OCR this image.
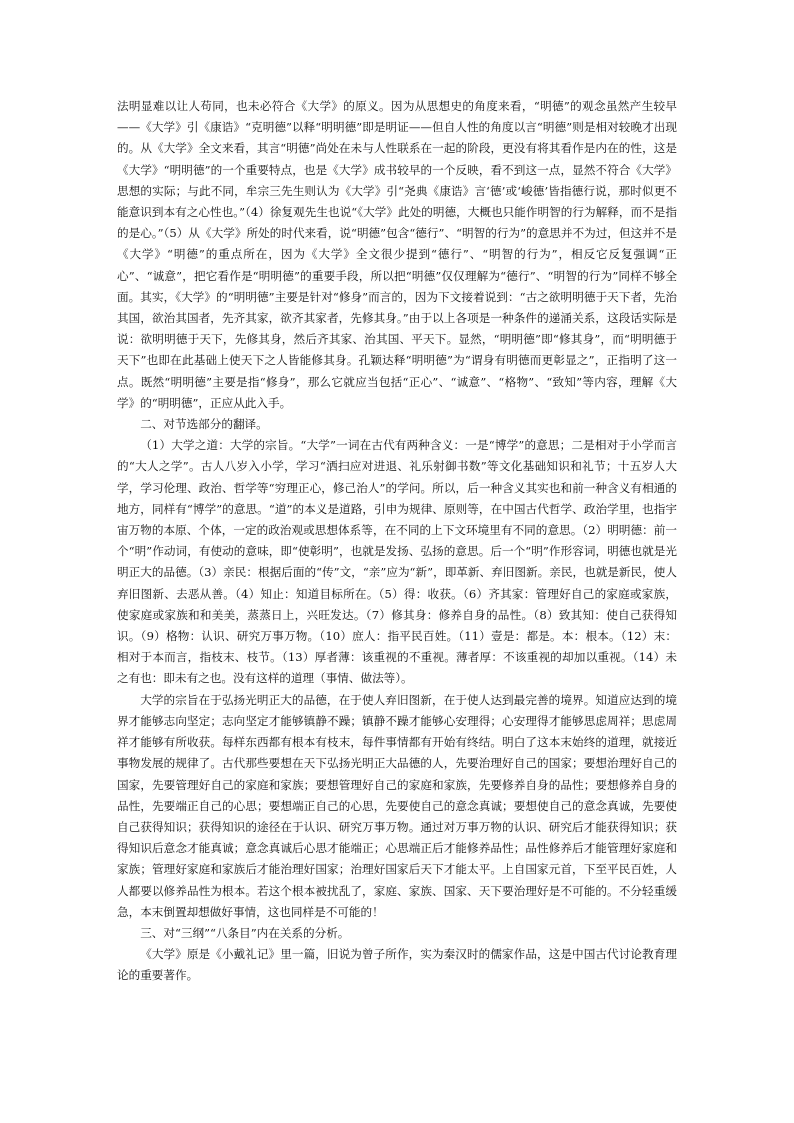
法明显难以让人苟同，也未必符合《大学》的原义。因为从思想史的角度来看，“明德”的观念虽然产生较早——《大学》引《康诰》“克明德”以释“明明德”即是明证——但自人性的角度以言“明德”则是相对较晚才出现的。从《大学》全文来看，其言“明德”尚处在未与人性联系在一起的阶段，更没有将其看作是内在的性，这是《大学》“明明德”的一个重要特点，也是《大学》成书较早的一个反映，看不到这一点，显然不符合《大学》思想的实际；与此不同，牟宗三先生则认为《大学》引“尧典《康诰》言‘德’或‘峻德’皆指德行说，那时似更不能意识到本有之心性也。”（4）徐复观先生也说“《大学》此处的明德，大概也只能作明智的行为解释，而不是指的是心。”（5）从《大学》所处的时代来看，说“明德”包含“德行”、“明智的行为”的意思并不为过，但这并不是《大学》“明德”的重点所在，因为《大学》全文很少提到“德行”、“明智的行为”，相反它反复强调“正心”、“诚意”，把它看作是“明明德”的重要手段，所以把“明德”仅仅理解为“德行”、“明智的行为”同样不够全面。其实，《大学》的“明明德”主要是针对“修身”而言的，因为下文接着说到：“古之欲明明德于天下者，先治其国，欲治其国者，先齐其家，欲齐其家者，先修其身。”由于以上各项是一种条件的递涌关系，这段话实际是说：欲明明德于天下，先修其身，然后齐其家、治其国、平天下。显然，“明明德”即“修其身”，而“明明德于天下”也即在此基础上使天下之人皆能修其身。孔颖达释“明明德”为“谓身有明德而更彰显之”，正指明了这一点。既然“明明德”主要是指“修身”，那么它就应当包括“正心”、“诚意”、“格物”、“致知”等内容，理解《大学》的“明明德”，正应从此入手。

二、对节选部分的翻译。

（1）大学之道：大学的宗旨。“大学”一词在古代有两种含义：一是“博学”的意思；二是相对于小学而言的“大人之学”。古人八岁入小学，学习“洒扫应对进退、礼乐射御书数”等文化基础知识和礼节；十五岁人大学，学习伦理、政治、哲学等“穷理正心，修己治人”的学问。所以，后一种含义其实也和前一种含义有相通的地方，同样有“博学”的意思。“道”的本义是道路，引申为规律、原则等，在中国古代哲学、政治学里，也指宇宙万物的本原、个体，一定的政治观或思想体系等，在不同的上下文环境里有不同的意思。（2）明明德：前一个“明”作动词，有使动的意味，即“使彰明”，也就是发扬、弘扬的意思。后一个“明”作形容词，明德也就是光明正大的品德。（3）亲民：根据后面的“传”文，“亲”应为“新”，即革新、弃旧图新。亲民，也就是新民，使人弃旧图新、去恶从善。（4）知止：知道目标所在。（5）得：收获。（6）齐其家：管理好自己的家庭或家族，使家庭或家族和和美美，蒸蒸日上，兴旺发达。（7）修其身：修养自身的品性。（8）致其知：使自己获得知识。（9）格物：认识、研究万事万物。（10）庶人：指平民百姓。（11）壹是：都是。本：根本。（12）末：相对于本而言，指枝末、枝节。（13）厚者薄：该重视的不重视。薄者厚：不该重视的却加以重视。（14）未之有也：即未有之也。没有这样的道理（事情、做法等）。

大学的宗旨在于弘扬光明正大的品德，在于使人弃旧图新，在于使人达到最完善的境界。知道应达到的境界才能够志向坚定；志向坚定才能够镇静不躁；镇静不躁才能够心安理得；心安理得才能够思虑周祥；思虑周祥才能够有所收获。每样东西都有根本有枝末，每件事情都有开始有终结。明白了这本末始终的道理，就接近事物发展的规律了。古代那些要想在天下弘扬光明正大品德的人，先要治理好自己的国家；要想治理好自己的国家，先要管理好自己的家庭和家族；要想管理好自己的家庭和家族，先要修养自身的品性；要想修养自身的品性，先要端正自己的心思；要想端正自己的心思，先要使自己的意念真诚；要想使自己的意念真诚，先要使自己获得知识；获得知识的途径在于认识、研究万事万物。通过对万事万物的认识、研究后才能获得知识；获得知识后意念才能真诚；意念真诚后心思才能端正；心思端正后才能修养品性；品性修养后才能管理好家庭和家族；管理好家庭和家族后才能治理好国家；治理好国家后天下才能太平。上自国家元首，下至平民百姓，人人都要以修养品性为根本。若这个根本被扰乱了，家庭、家族、国家、天下要治理好是不可能的。不分轻重缓急，本末倒置却想做好事情，这也同样是不可能的！

三、对“三纲”“八条目”内在关系的分析。

《大学》原是《小戴礼记》里一篇，旧说为曾子所作，实为秦汉时的儒家作品，这是中国古代讨论教育理论的重要著作。
